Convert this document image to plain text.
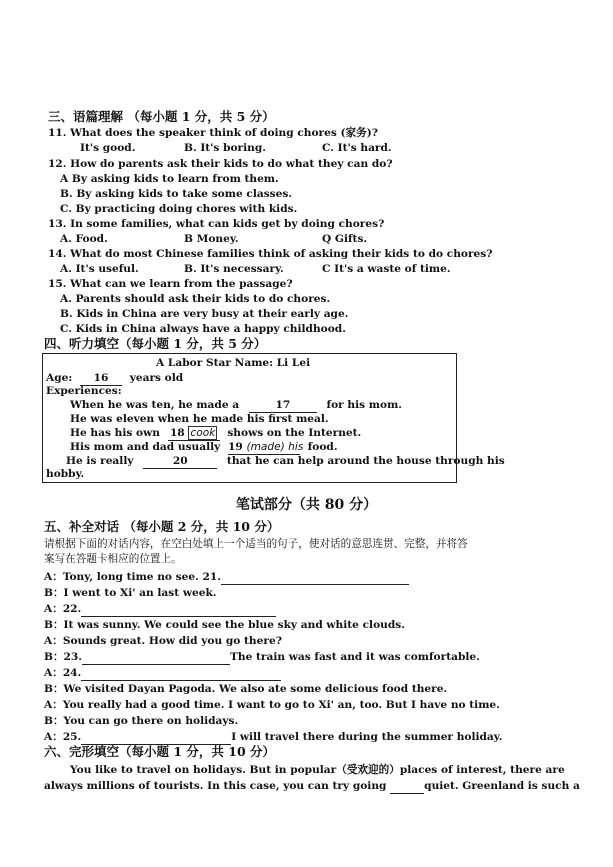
三、语篇理解 （每小题 1 分，共 5 分）
11. What does the speaker think of doing chores (家务)?
It's good.	B. It's boring.	C. It's hard.
12. How do parents ask their kids to do what they can do?
A By asking kids to learn from them.
B. By asking kids to take some classes.
C. By practicing doing chores with kids.
13. In some families, what can kids get by doing chores?
A. Food.	B Money.	Q Gifts.
14. What do most Chinese families think of asking their kids to do chores?
A. It's useful.	B. It's necessary.	C It's a waste of time.
15. What can we learn from the passage?
A. Parents should ask their kids to do chores.
B. Kids in China are very busy at their early age.
C. Kids in China always have a happy childhood.
四、听力填空（每小题 1 分，共 5 分）
A Labor Star Name: Li Lei
Age: 16 years old
Experiences:
When he was ten, he made a	17	for his mom.
He was eleven when he made his first meal.
He has his own 18 cook shows on the Internet.
His mom and dad usually 19 (made) his food.
He is really	20	that he can help around the house through his
hobby.
笔试部分（共 80 分）
五、补全对话 （每小题 2 分，共 10 分）
请根据下面的对话内容，在空白处填上一个适当的句子，使对话的意思连贯、完整，并将答
案写在答题卡相应的位置上。
A：Tony, long time no see. 21.
B：I went to Xi' an last week.
A：22.
B：It was sunny. We could see the blue sky and white clouds.
A：Sounds great. How did you go there?
B：23.	The train was fast and it was comfortable.
A：24.
B：We visited Dayan Pagoda. We also ate some delicious food there.
A：You really had a good time. I want to go to Xi' an, too. But I have no time.
B：You can go there on holidays.
A：25.	I will travel there during the summer holiday.
六、完形填空（每小题 1 分，共 10 分）
You like to travel on holidays. But in popular（受欢迎的）places of interest, there are
always millions of tourists. In this case, you can try going	quiet. Greenland is such a
